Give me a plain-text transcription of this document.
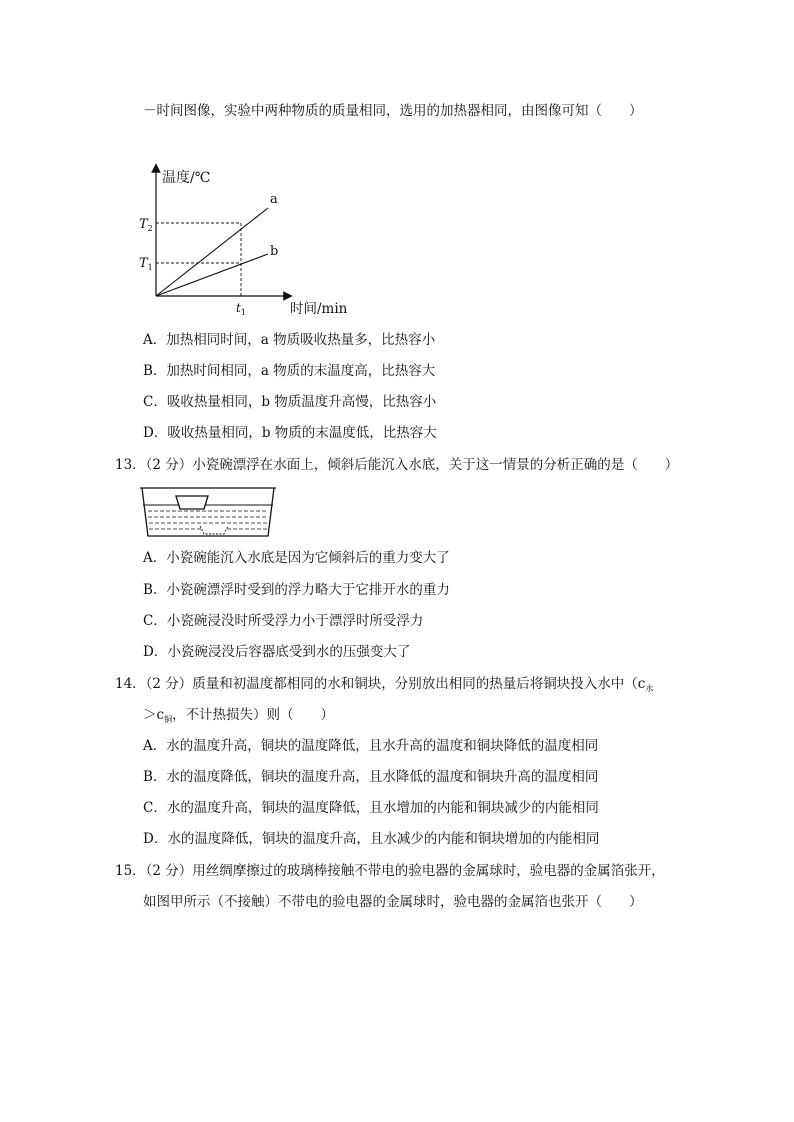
－时间图像，实验中两种物质的质量相同，选用的加热器相同，由图像可知（　　）
温度/℃
时间/min
a
b
$T_2$
$T_1$
$t_1$
A．加热相同时间，a 物质吸收热量多，比热容小
B．加热时间相同，a 物质的末温度高，比热容大
C．吸收热量相同，b 物质温度升高慢，比热容小
D．吸收热量相同，b 物质的末温度低，比热容大
13．（2 分）小瓷碗漂浮在水面上，倾斜后能沉入水底，关于这一情景的分析正确的是（　　）
A．小瓷碗能沉入水底是因为它倾斜后的重力变大了
B．小瓷碗漂浮时受到的浮力略大于它排开水的重力
C．小瓷碗浸没时所受浮力小于漂浮时所受浮力
D．小瓷碗浸没后容器底受到水的压强变大了
14．（2 分）质量和初温度都相同的水和铜块，分别放出相同的热量后将铜块投入水中（$c_水$
$>c_铜$，不计热损失）则（　　）
A．水的温度升高，铜块的温度降低，且水升高的温度和铜块降低的温度相同
B．水的温度降低，铜块的温度升高，且水降低的温度和铜块升高的温度相同
C．水的温度升高，铜块的温度降低，且水增加的内能和铜块减少的内能相同
D．水的温度降低，铜块的温度升高，且水减少的内能和铜块增加的内能相同
15．（2 分）用丝绸摩擦过的玻璃棒接触不带电的验电器的金属球时，验电器的金属箔张开，
如图甲所示（不接触）不带电的验电器的金属球时，验电器的金属箔也张开（　　）
